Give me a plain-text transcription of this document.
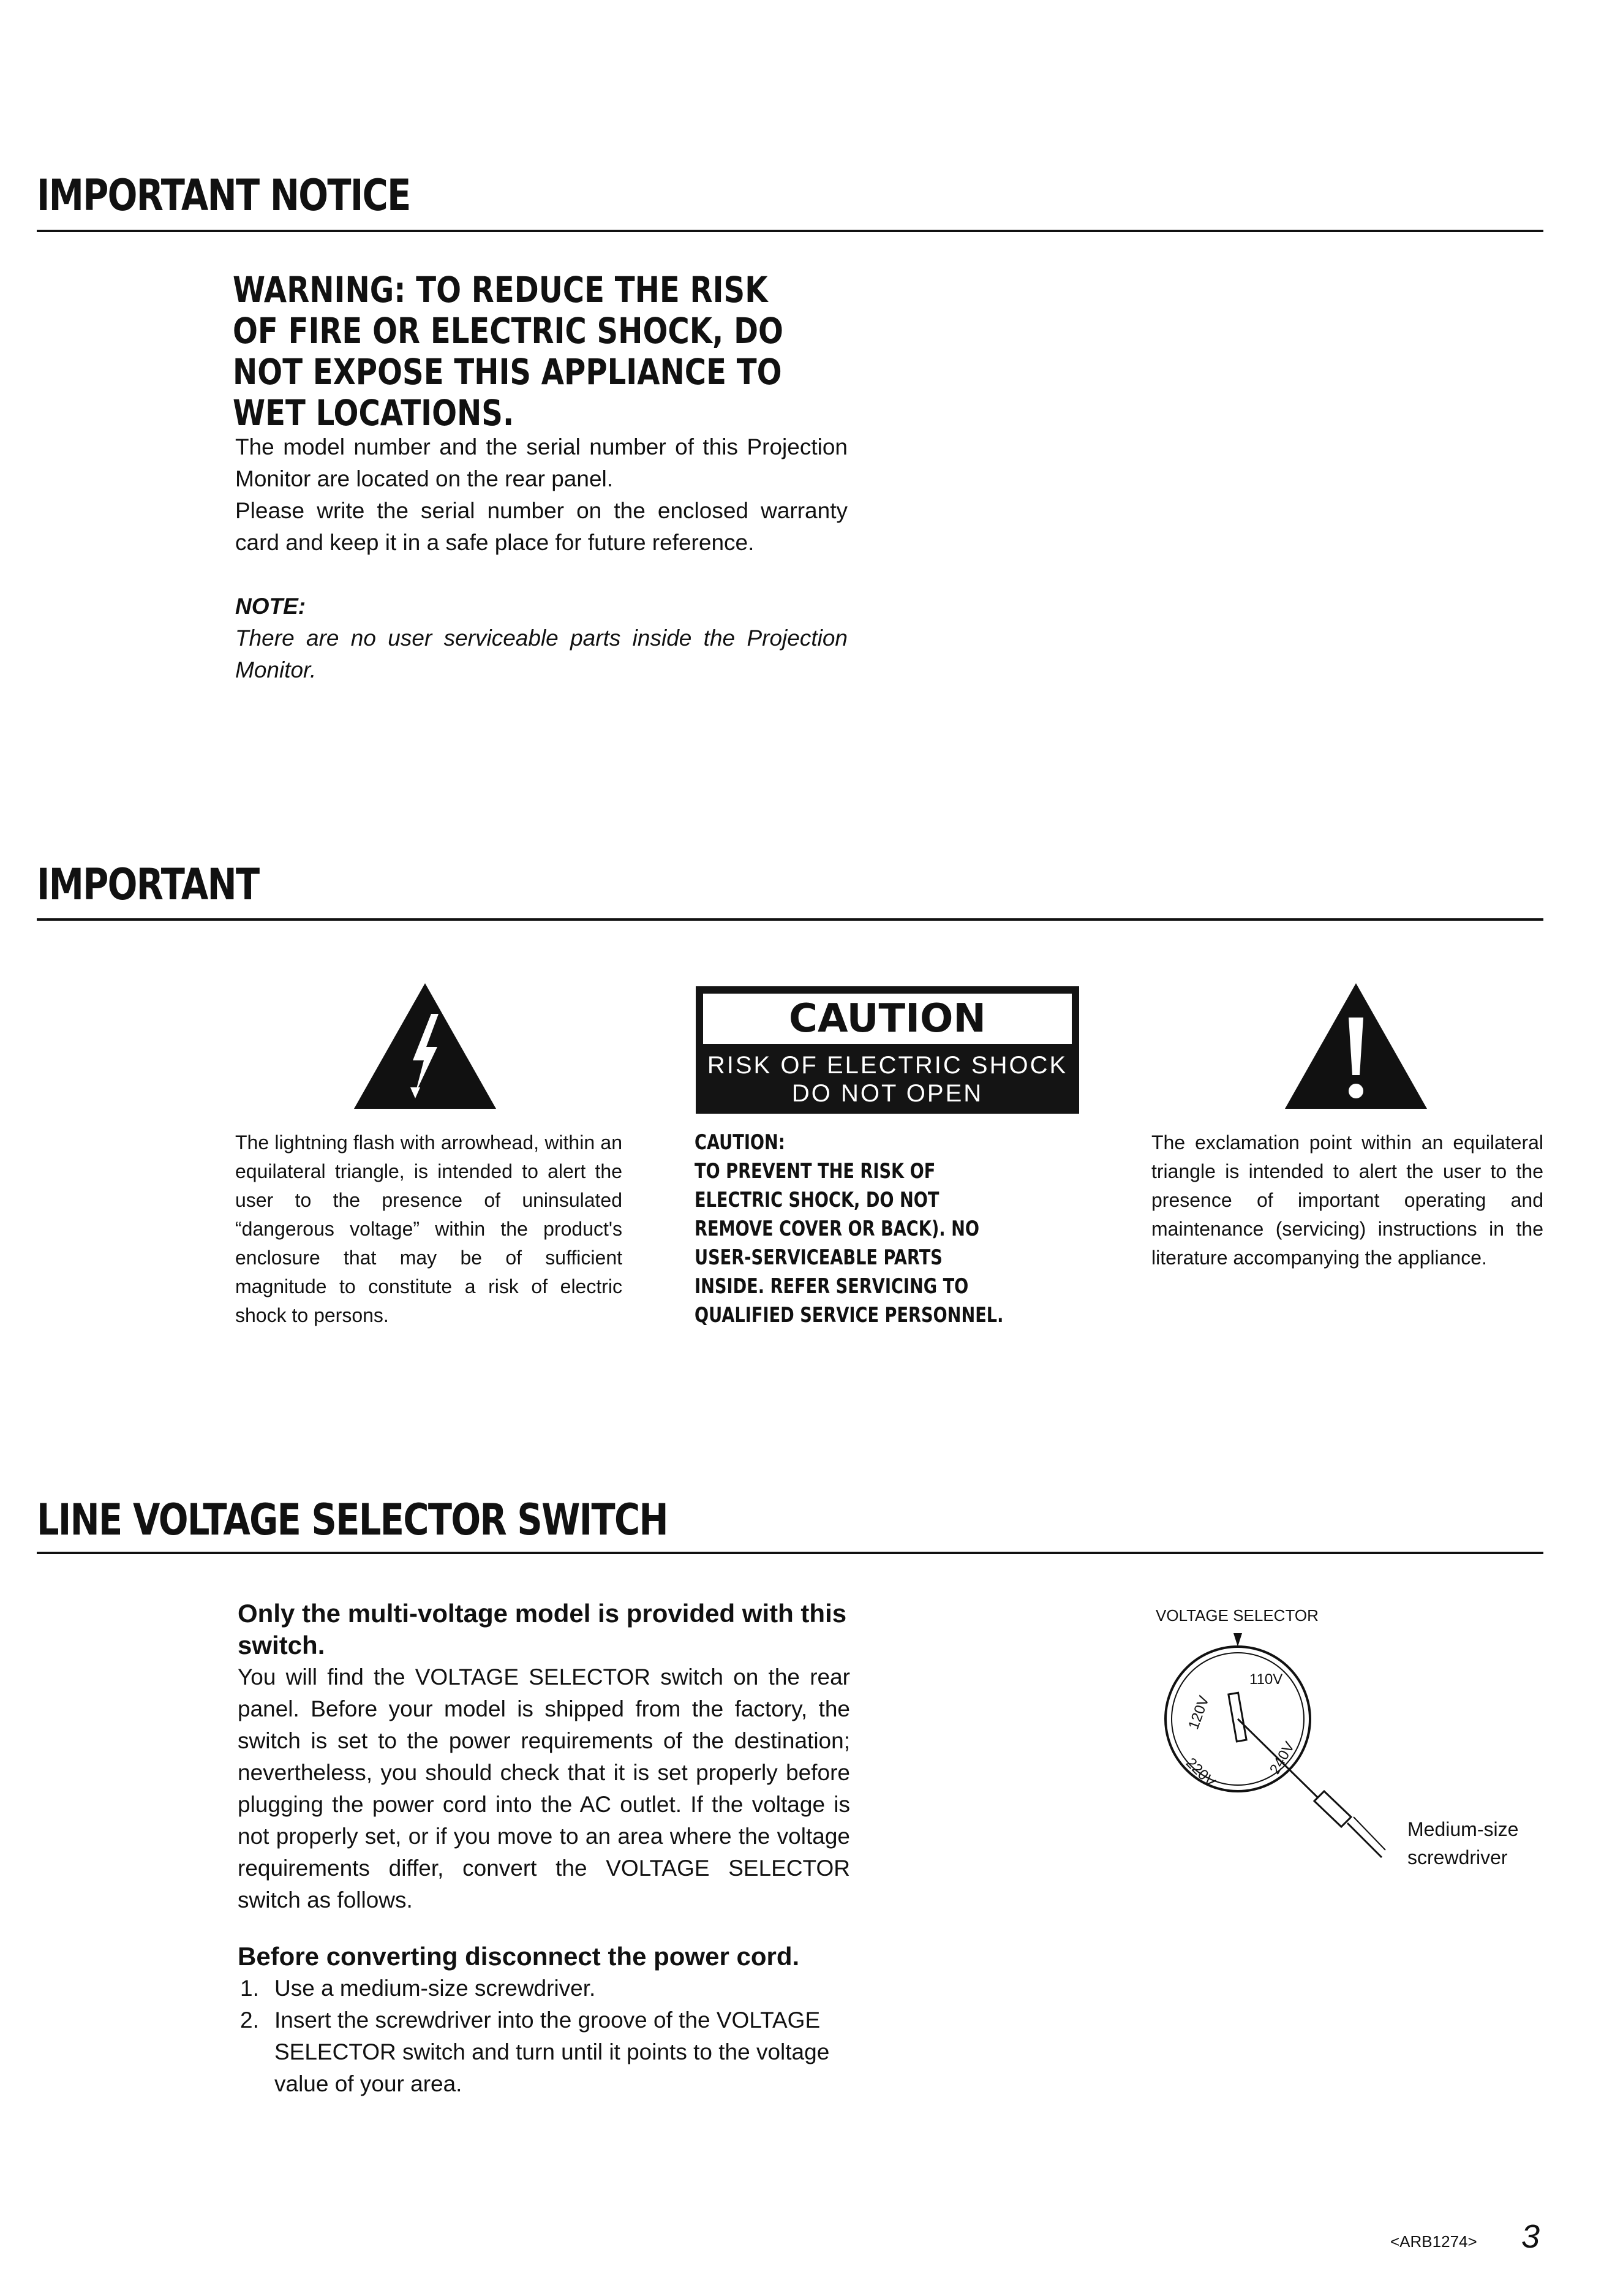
IMPORTANT NOTICE

WARNING: TO REDUCE THE RISK OF FIRE OR ELECTRIC SHOCK, DO NOT EXPOSE THIS APPLIANCE TO WET LOCATIONS.

The model number and the serial number of this Projection Monitor are located on the rear panel.

Please write the serial number on the enclosed warranty card and keep it in a safe place for future reference.

NOTE:

There are no user serviceable parts inside the Projection Monitor.

IMPORTANT

The lightning flash with arrowhead, within an equilateral triangle, is intended to alert the user to the presence of uninsulated “dangerous voltage” within the product's enclosure that may be of sufficient magnitude to constitute a risk of electric shock to persons.

CAUTION
RISK OF ELECTRIC SHOCK
DO NOT OPEN
CAUTION:
TO PREVENT THE RISK OF ELECTRIC SHOCK, DO NOT REMOVE COVER OR BACK). NO USER-SERVICEABLE PARTS INSIDE. REFER SERVICING TO QUALIFIED SERVICE PERSONNEL.

The exclamation point within an equilateral triangle is intended to alert the user to the presence of important operating and maintenance (servicing) instructions in the literature accompanying the appliance.

LINE VOLTAGE SELECTOR SWITCH

Only the multi-voltage model is provided with this switch.

You will find the VOLTAGE SELECTOR switch on the rear panel. Before your model is shipped from the factory, the switch is set to the power requirements of the destination; nevertheless, you should check that it is set properly before plugging the power cord into the AC outlet. If the voltage is not properly set, or if you move to an area where the voltage requirements differ, convert the VOLTAGE SELECTOR switch as follows.

Before converting disconnect the power cord.

1. Use a medium-size screwdriver.
2. Insert the screwdriver into the groove of the VOLTAGE SELECTOR switch and turn until it points to the voltage value of your area.
VOLTAGE SELECTOR
110V
120V
220V	240V
Medium-size
screwdriver
<ARB1274> 3
